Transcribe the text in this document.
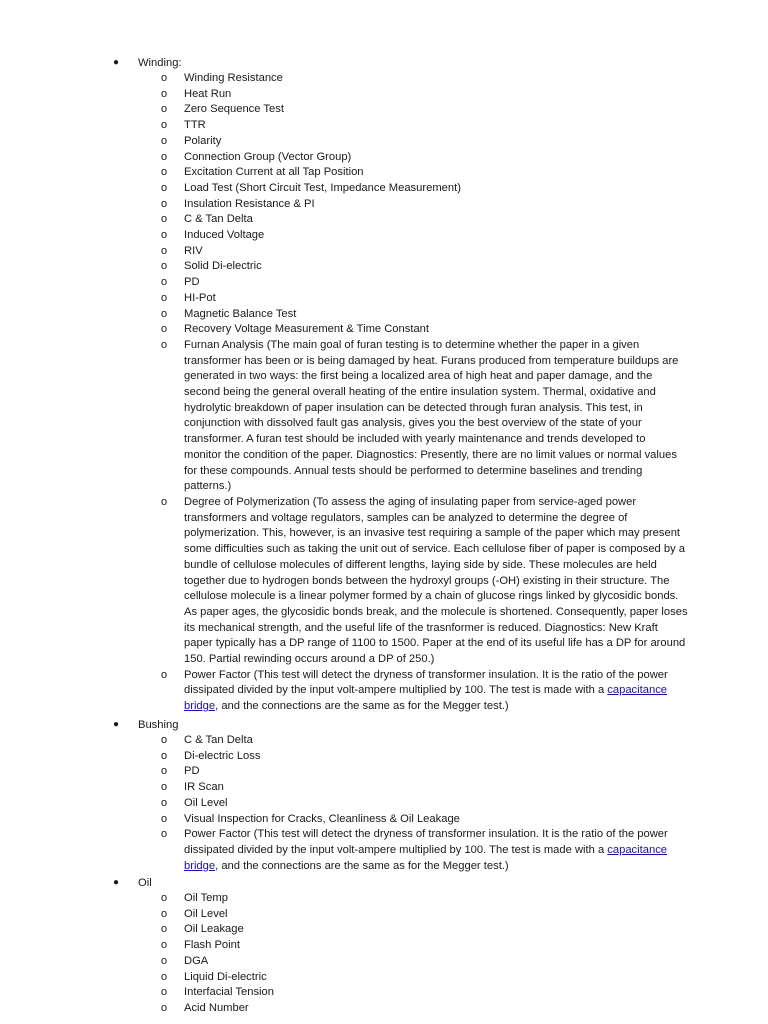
● Winding:
o Winding Resistance
o Heat Run
o Zero Sequence Test
o TTR
o Polarity
o Connection Group (Vector Group)
o Excitation Current at all Tap Position
o Load Test (Short Circuit Test, Impedance Measurement)
o Insulation Resistance & PI
o C & Tan Delta
o Induced Voltage
o RIV
o Solid Di-electric
o PD
o HI-Pot
o Magnetic Balance Test
o Recovery Voltage Measurement & Time Constant
o Furnan Analysis (The main goal of furan testing is to determine whether the paper in a given
transformer has been or is being damaged by heat. Furans produced from temperature buildups are
generated in two ways: the first being a localized area of high heat and paper damage, and the
second being the general overall heating of the entire insulation system. Thermal, oxidative and
hydrolytic breakdown of paper insulation can be detected through furan analysis. This test, in
conjunction with dissolved fault gas analysis, gives you the best overview of the state of your
transformer. A furan test should be included with yearly maintenance and trends developed to
monitor the condition of the paper. Diagnostics: Presently, there are no limit values or normal values
for these compounds. Annual tests should be performed to determine baselines and trending
patterns.)
o Degree of Polymerization (To assess the aging of insulating paper from service-aged power
transformers and voltage regulators, samples can be analyzed to determine the degree of
polymerization. This, however, is an invasive test requiring a sample of the paper which may present
some difficulties such as taking the unit out of service. Each cellulose fiber of paper is composed by a
bundle of cellulose molecules of different lengths, laying side by side. These molecules are held
together due to hydrogen bonds between the hydroxyl groups (-OH) existing in their structure. The
cellulose molecule is a linear polymer formed by a chain of glucose rings linked by glycosidic bonds.
As paper ages, the glycosidic bonds break, and the molecule is shortened. Consequently, paper loses
its mechanical strength, and the useful life of the trasnformer is reduced. Diagnostics: New Kraft
paper typically has a DP range of 1100 to 1500. Paper at the end of its useful life has a DP for around
150. Partial rewinding occurs around a DP of 250.)
o Power Factor (This test will detect the dryness of transformer insulation. It is the ratio of the power
dissipated divided by the input volt-ampere multiplied by 100. The test is made with a capacitance
bridge, and the connections are the same as for the Megger test.)
● Bushing
o C & Tan Delta
o Di-electric Loss
o PD
o IR Scan
o Oil Level
o Visual Inspection for Cracks, Cleanliness & Oil Leakage
o Power Factor (This test will detect the dryness of transformer insulation. It is the ratio of the power
dissipated divided by the input volt-ampere multiplied by 100. The test is made with a capacitance
bridge, and the connections are the same as for the Megger test.)
● Oil
o Oil Temp
o Oil Level
o Oil Leakage
o Flash Point
o DGA
o Liquid Di-electric
o Interfacial Tension
o Acid Number
